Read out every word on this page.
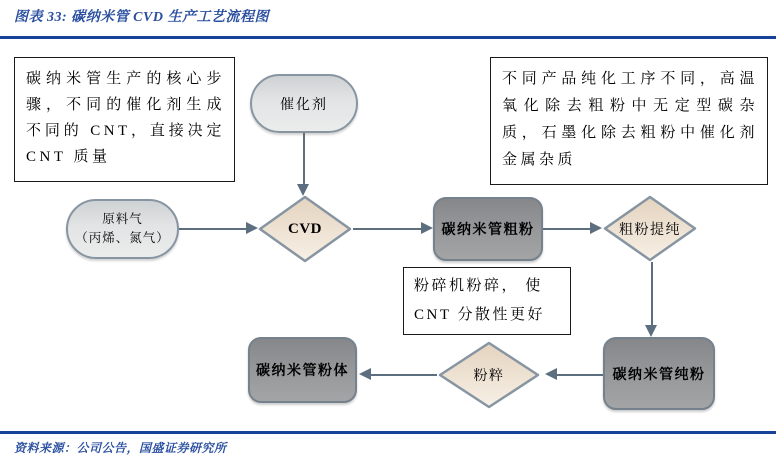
图表 33: 碳纳米管 CVD 生产工艺流程图
碳纳米管生产的核心步骤，不同的催化剂生成不同的 CNT，直接决定 CNT 质量
不同产品纯化工序不同，高温氧化除去粗粉中无定型碳杂质，石墨化除去粗粉中催化剂金属杂质
粉碎机粉碎， 使
CNT 分散性更好
催化剂
原料气
（丙烯、氮气）
CVD	粗粉提纯
粉粹
碳纳米管粗粉
碳纳米管纯粉
碳纳米管粉体
资料来源：公司公告，国盛证券研究所
